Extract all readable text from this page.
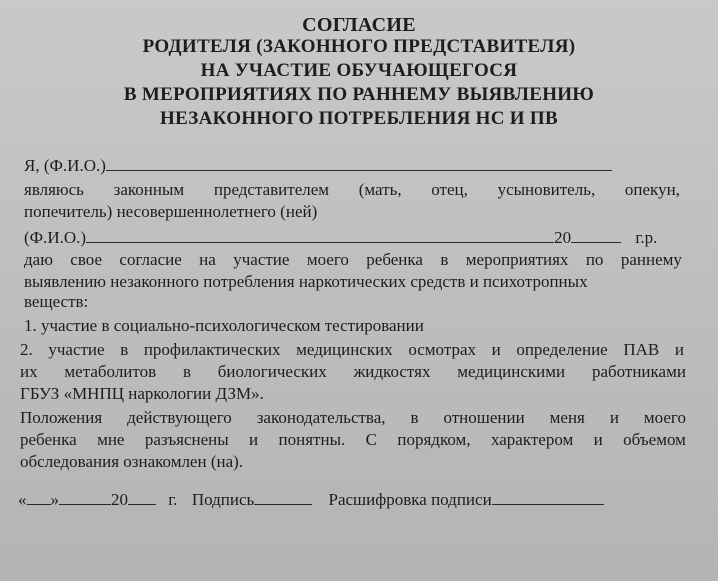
СОГЛАСИЕ
РОДИТЕЛЯ (ЗАКОННОГО ПРЕДСТАВИТЕЛЯ)
НА УЧАСТИЕ ОБУЧАЮЩЕГОСЯ
В МЕРОПРИЯТИЯХ ПО РАННЕМУ ВЫЯВЛЕНИЮ
НЕЗАКОННОГО ПОТРЕБЛЕНИЯ НС И ПВ
Я, (Ф.И.О.)
являюсь законным представителем (мать, отец, усыновитель, опекун,
попечитель) несовершеннолетнего (ней)
(Ф.И.О.)	20	г.р.
даю свое согласие на участие моего ребенка в мероприятиях по раннему
выявлению незаконного потребления наркотических средств и психотропных
веществ:
1. участие в социально-психологическом тестировании
2. участие в профилактических медицинских осмотрах и определение ПАВ и
их метаболитов в биологических жидкостях медицинскими работниками
ГБУЗ «МНПЦ наркологии ДЗМ».
Положения действующего законодательства, в отношении меня и моего
ребенка мне разъяснены и понятны. С порядком, характером и объемом
обследования ознакомлен (на).
« »	20 г. Подпись	Расшифровка подписи
